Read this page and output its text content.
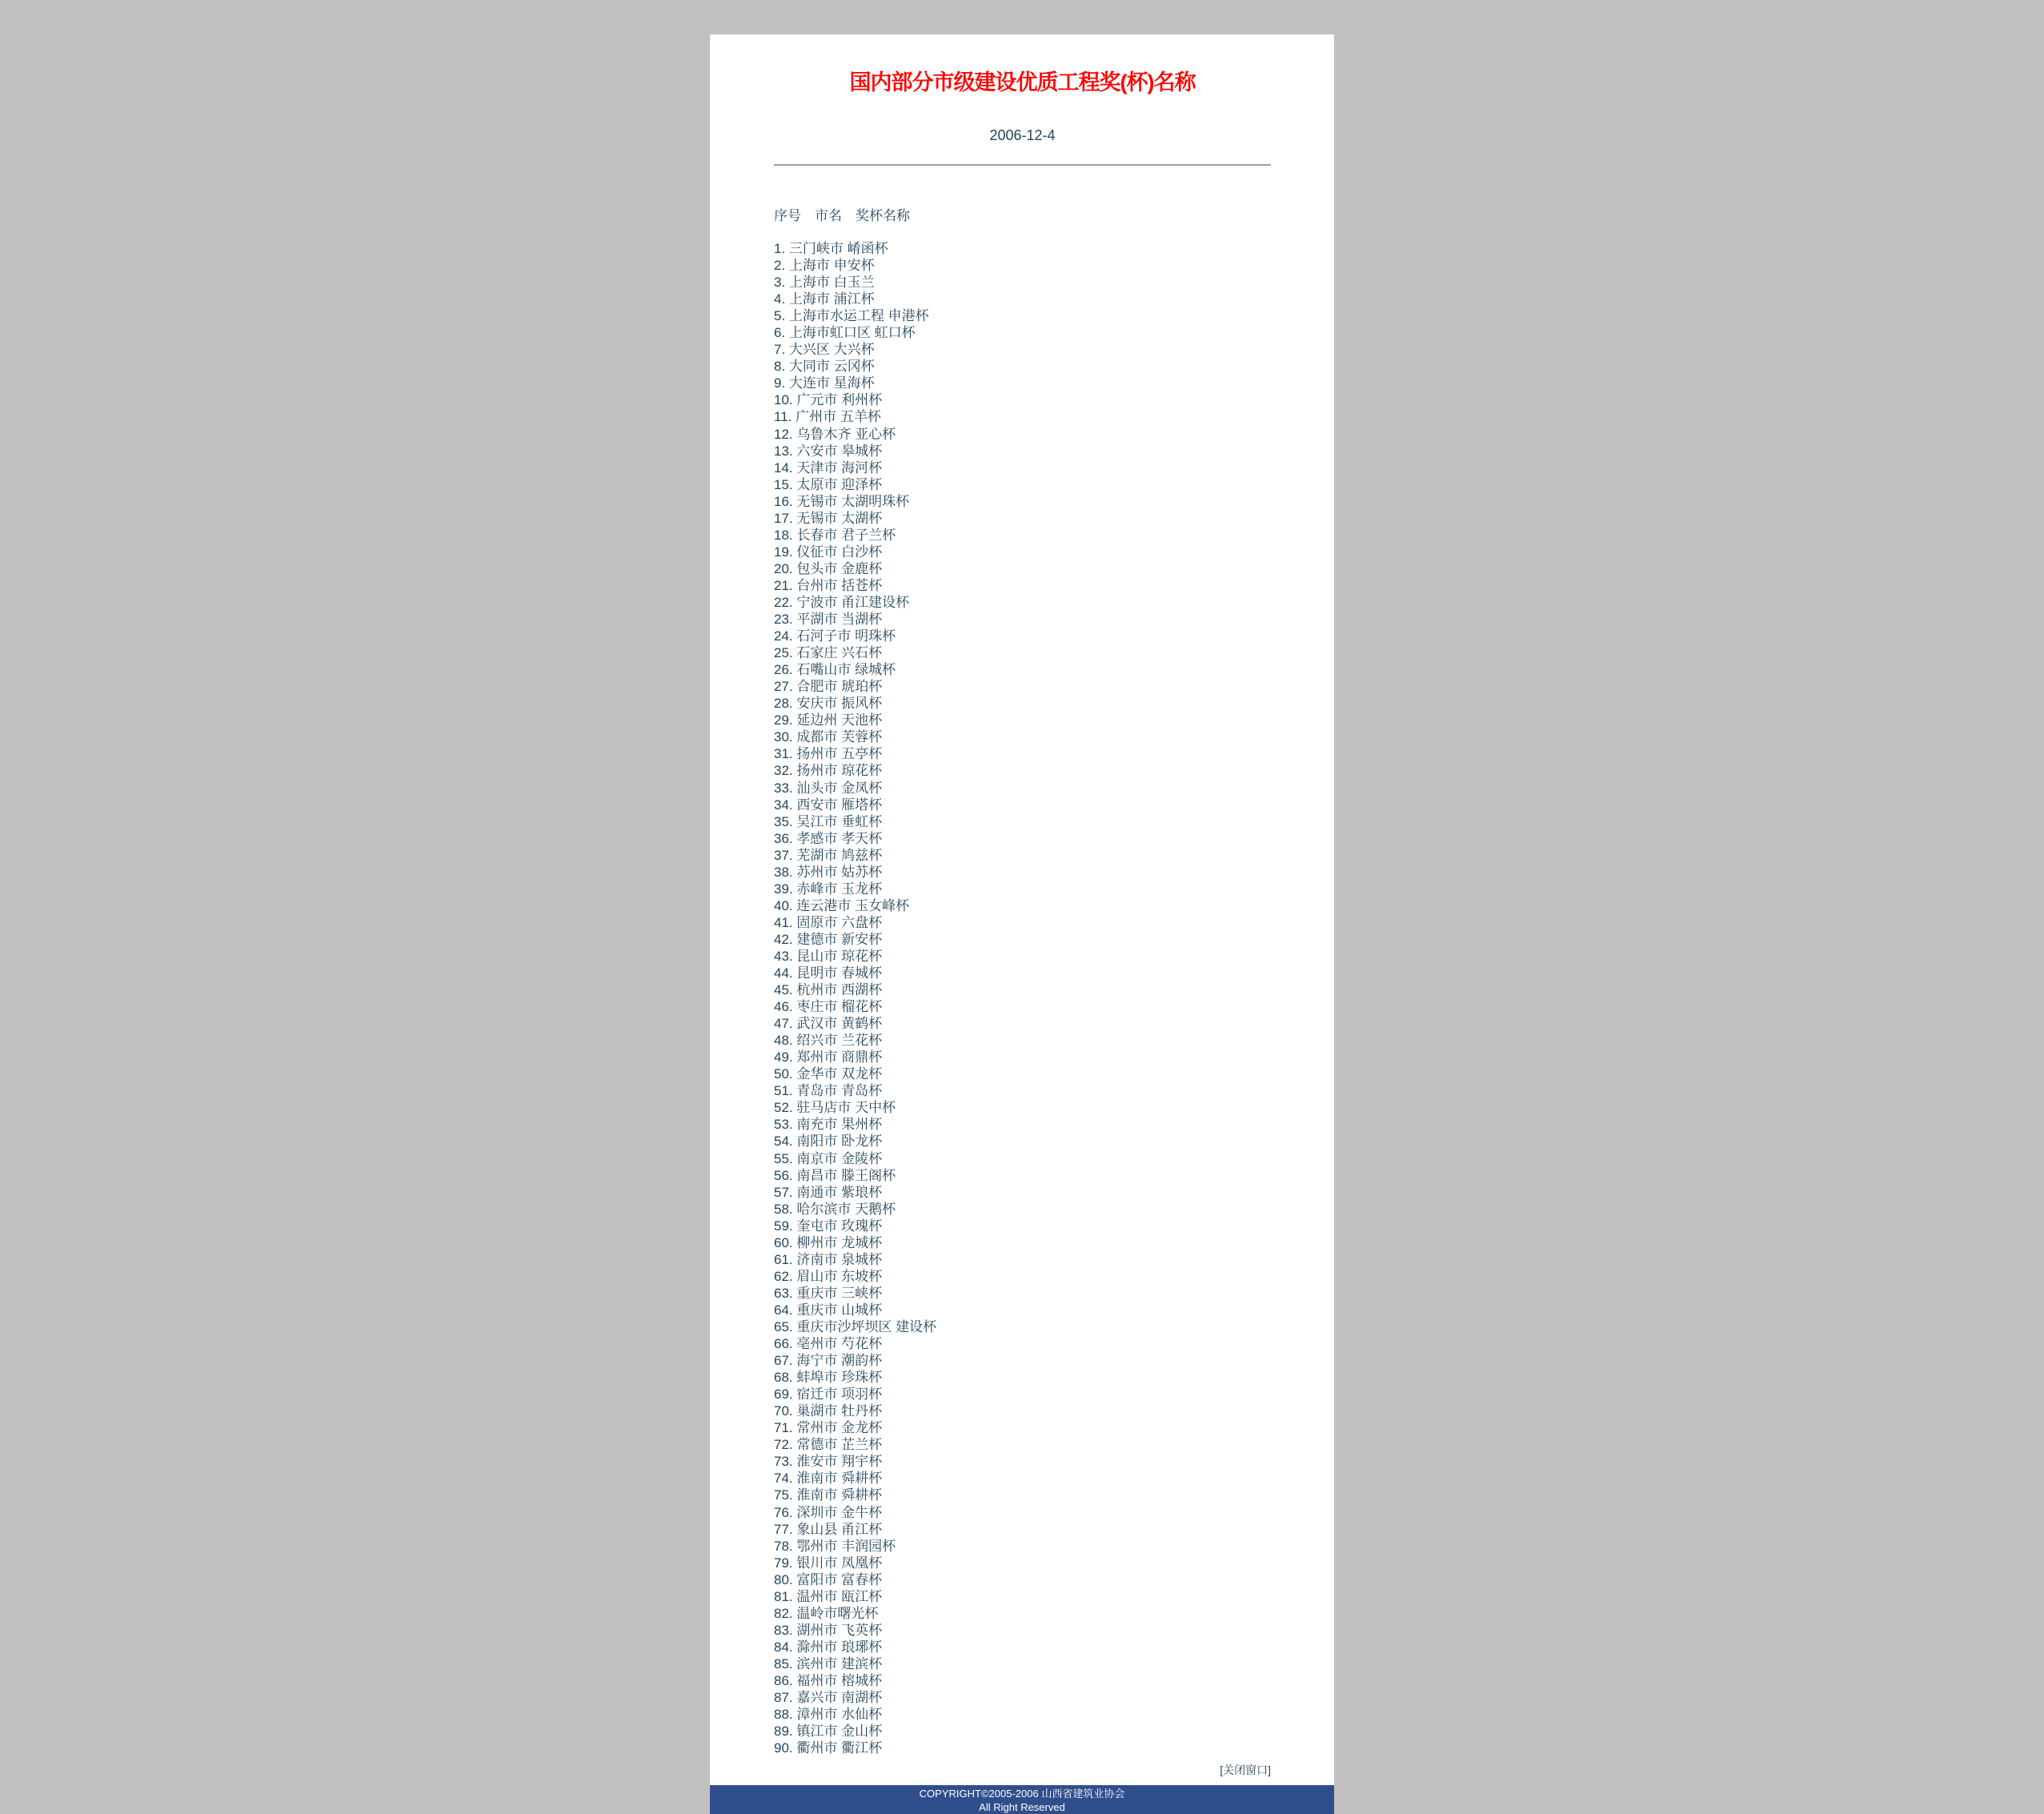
国内部分市级建设优质工程奖(杯)名称
2006-12-4
序号　市名　奖杯名称
1. 三门峡市 崤函杯
2. 上海市 申安杯
3. 上海市 白玉兰
4. 上海市 浦江杯
5. 上海市水运工程 申港杯
6. 上海市虹口区 虹口杯
7. 大兴区 大兴杯
8. 大同市 云冈杯
9. 大连市 星海杯
10. 广元市 利州杯
11. 广州市 五羊杯
12. 乌鲁木齐 亚心杯
13. 六安市 皋城杯
14. 天津市 海河杯
15. 太原市 迎泽杯
16. 无锡市 太湖明珠杯
17. 无锡市 太湖杯
18. 长春市 君子兰杯
19. 仪征市 白沙杯
20. 包头市 金鹿杯
21. 台州市 括苍杯
22. 宁波市 甬江建设杯
23. 平湖市 当湖杯
24. 石河子市 明珠杯
25. 石家庄 兴石杯
26. 石嘴山市 绿城杯
27. 合肥市 琥珀杯
28. 安庆市 振风杯
29. 延边州 天池杯
30. 成都市 芙蓉杯
31. 扬州市 五亭杯
32. 扬州市 琼花杯
33. 汕头市 金凤杯
34. 西安市 雁塔杯
35. 吴江市 垂虹杯
36. 孝感市 孝天杯
37. 芜湖市 鸠兹杯
38. 苏州市 姑苏杯
39. 赤峰市 玉龙杯
40. 连云港市 玉女峰杯
41. 固原市 六盘杯
42. 建德市 新安杯
43. 昆山市 琼花杯
44. 昆明市 春城杯
45. 杭州市 西湖杯
46. 枣庄市 榴花杯
47. 武汉市 黄鹤杯
48. 绍兴市 兰花杯
49. 郑州市 商鼎杯
50. 金华市 双龙杯
51. 青岛市 青岛杯
52. 驻马店市 天中杯
53. 南充市 果州杯
54. 南阳市 卧龙杯
55. 南京市 金陵杯
56. 南昌市 滕王阁杯
57. 南通市 紫琅杯
58. 哈尔滨市 天鹅杯
59. 奎屯市 玫瑰杯
60. 柳州市 龙城杯
61. 济南市 泉城杯
62. 眉山市 东坡杯
63. 重庆市 三峡杯
64. 重庆市 山城杯
65. 重庆市沙坪坝区 建设杯
66. 亳州市 芍花杯
67. 海宁市 潮韵杯
68. 蚌埠市 珍珠杯
69. 宿迁市 项羽杯
70. 巢湖市 牡丹杯
71. 常州市 金龙杯
72. 常德市 芷兰杯
73. 淮安市 翔宇杯
74. 淮南市 舜耕杯
75. 淮南市 舜耕杯
76. 深圳市 金牛杯
77. 象山县 甬江杯
78. 鄂州市 丰润园杯
79. 银川市 凤凰杯
80. 富阳市 富春杯
81. 温州市 瓯江杯
82. 温岭市曙光杯
83. 湖州市 飞英杯
84. 滁州市 琅琊杯
85. 滨州市 建滨杯
86. 福州市 榕城杯
87. 嘉兴市 南湖杯
88. 漳州市 水仙杯
89. 镇江市 金山杯
90. 衢州市 衢江杯
[关闭窗口]
COPYRIGHT©2005-2006 山西省建筑业协会
All Right Reserved
